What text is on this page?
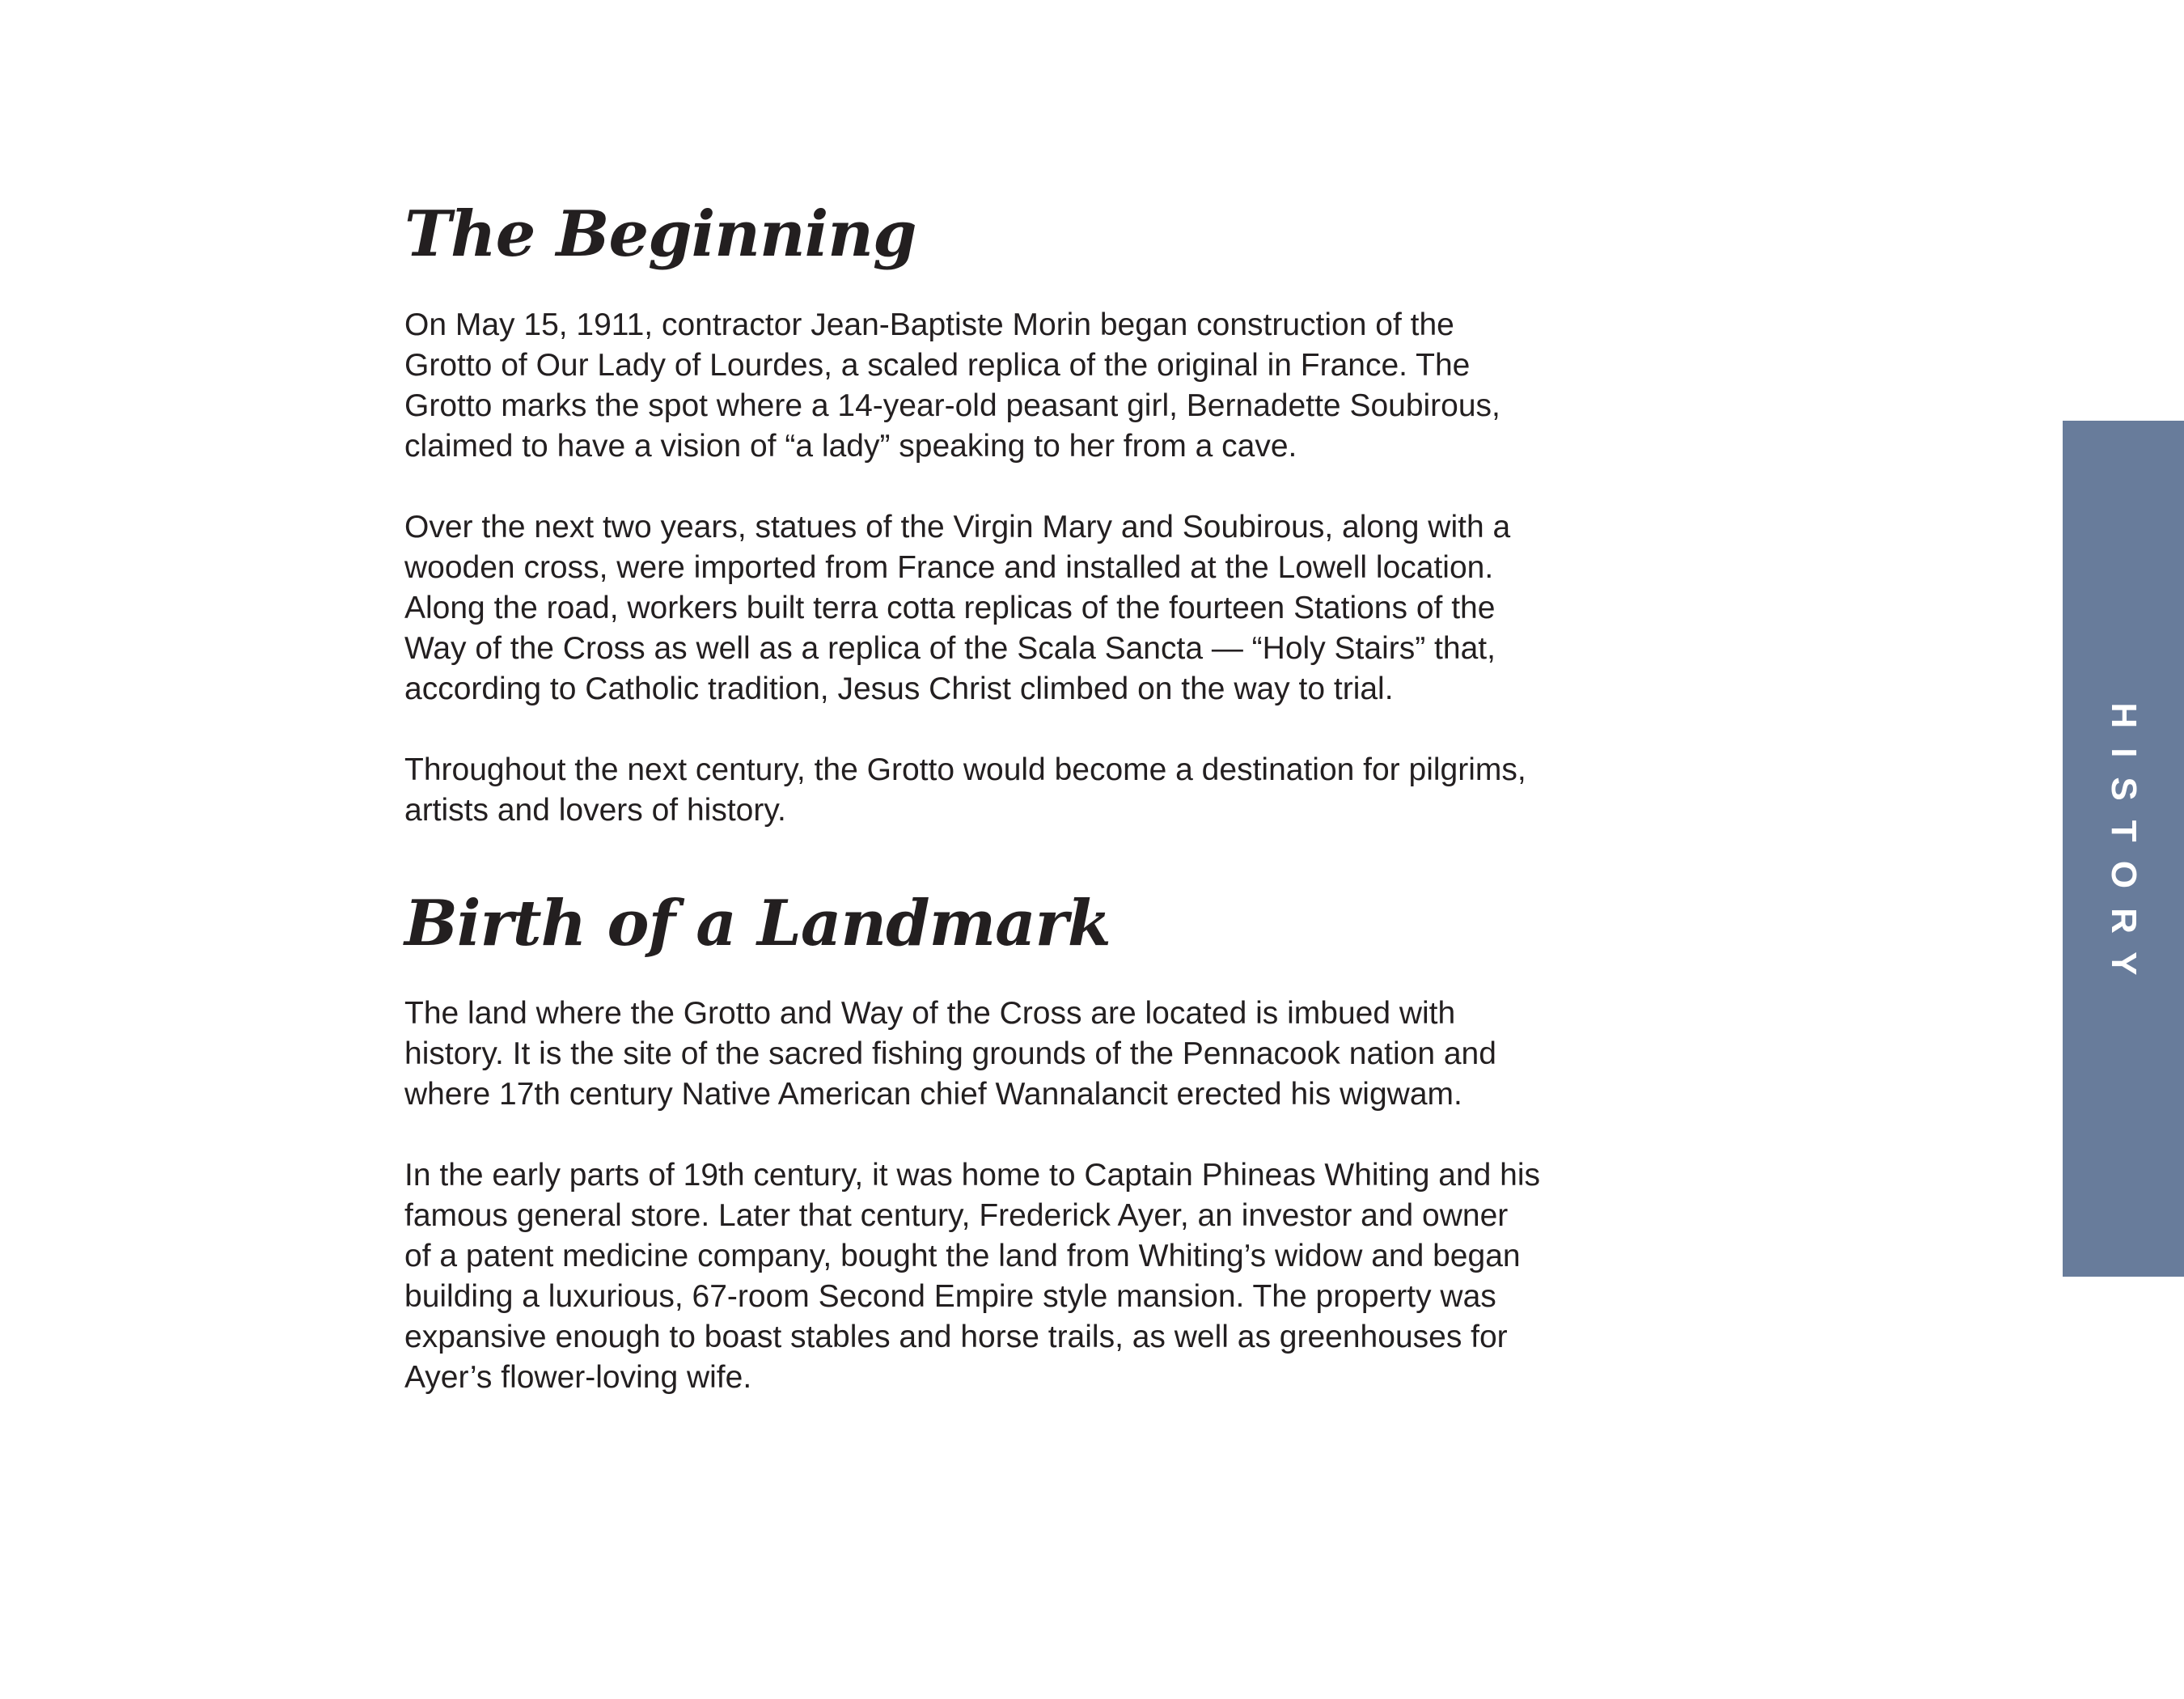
The Beginning

On May 15, 1911, contractor Jean-Baptiste Morin began construction of the
Grotto of Our Lady of Lourdes, a scaled replica of the original in France. The
Grotto marks the spot where a 14-year-old peasant girl, Bernadette Soubirous,
claimed to have a vision of “a lady” speaking to her from a cave.

Over the next two years, statues of the Virgin Mary and Soubirous, along with a
wooden cross, were imported from France and installed at the Lowell location.
Along the road, workers built terra cotta replicas of the fourteen Stations of the
Way of the Cross as well as a replica of the Scala Sancta — “Holy Stairs” that,
according to Catholic tradition, Jesus Christ climbed on the way to trial.

Throughout the next century, the Grotto would become a destination for pilgrims,
artists and lovers of history.

Birth of a Landmark

The land where the Grotto and Way of the Cross are located is imbued with
history. It is the site of the sacred fishing grounds of the Pennacook nation and
where 17th century Native American chief Wannalancit erected his wigwam.

In the early parts of 19th century, it was home to Captain Phineas Whiting and his
famous general store. Later that century, Frederick Ayer, an investor and owner
of a patent medicine company, bought the land from Whiting’s widow and began
building a luxurious, 67-room Second Empire style mansion. The property was
expansive enough to boast stables and horse trails, as well as greenhouses for
Ayer’s flower-loving wife.

HISTORY
